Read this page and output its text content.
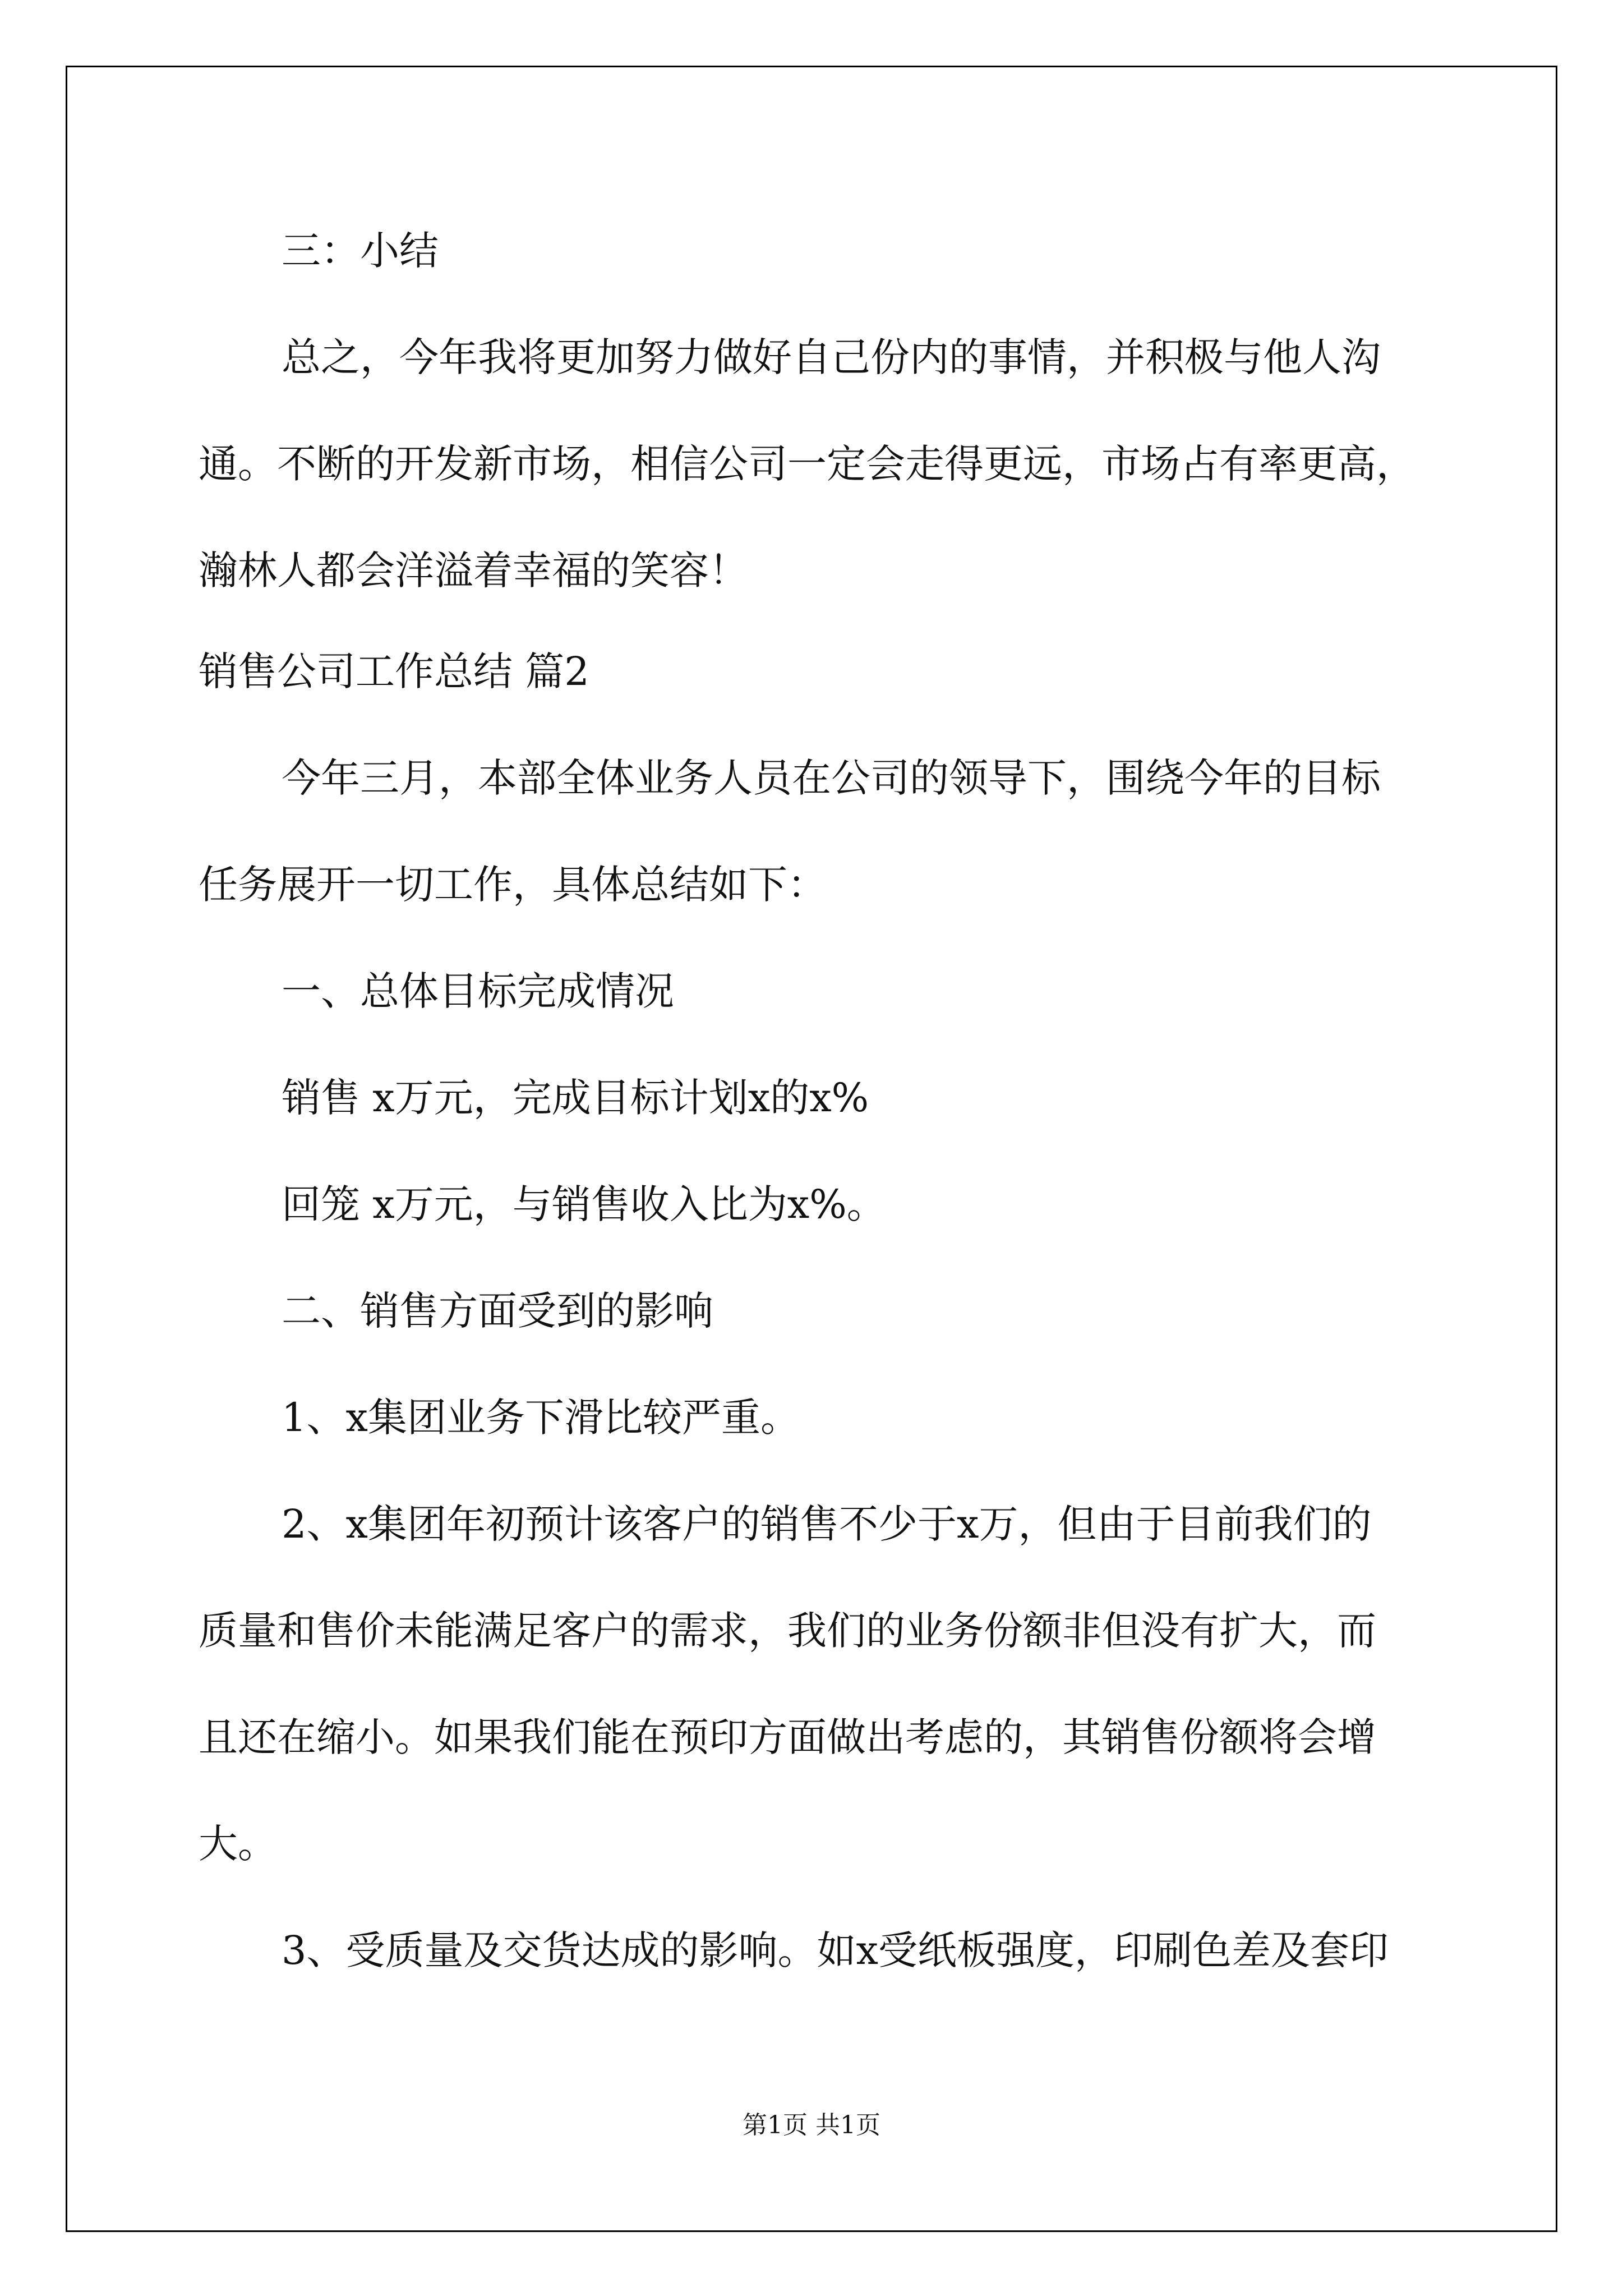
三：小结
总之，今年我将更加努力做好自己份内的事情，并积极与他人沟
通。不断的开发新市场，相信公司一定会走得更远，市场占有率更高，
瀚林人都会洋溢着幸福的笑容！
销售公司工作总结 篇2
今年三月，本部全体业务人员在公司的领导下，围绕今年的目标
任务展开一切工作，具体总结如下：
一、总体目标完成情况
销售 x万元，完成目标计划x的x%
回笼 x万元，与销售收入比为x%。
二、销售方面受到的影响
1、x集团业务下滑比较严重。
2、x集团年初预计该客户的销售不少于x万，但由于目前我们的
质量和售价未能满足客户的需求，我们的业务份额非但没有扩大，而
且还在缩小。如果我们能在预印方面做出考虑的，其销售份额将会增
大。
3、受质量及交货达成的影响。如x受纸板强度，印刷色差及套印
第1页 共1页
